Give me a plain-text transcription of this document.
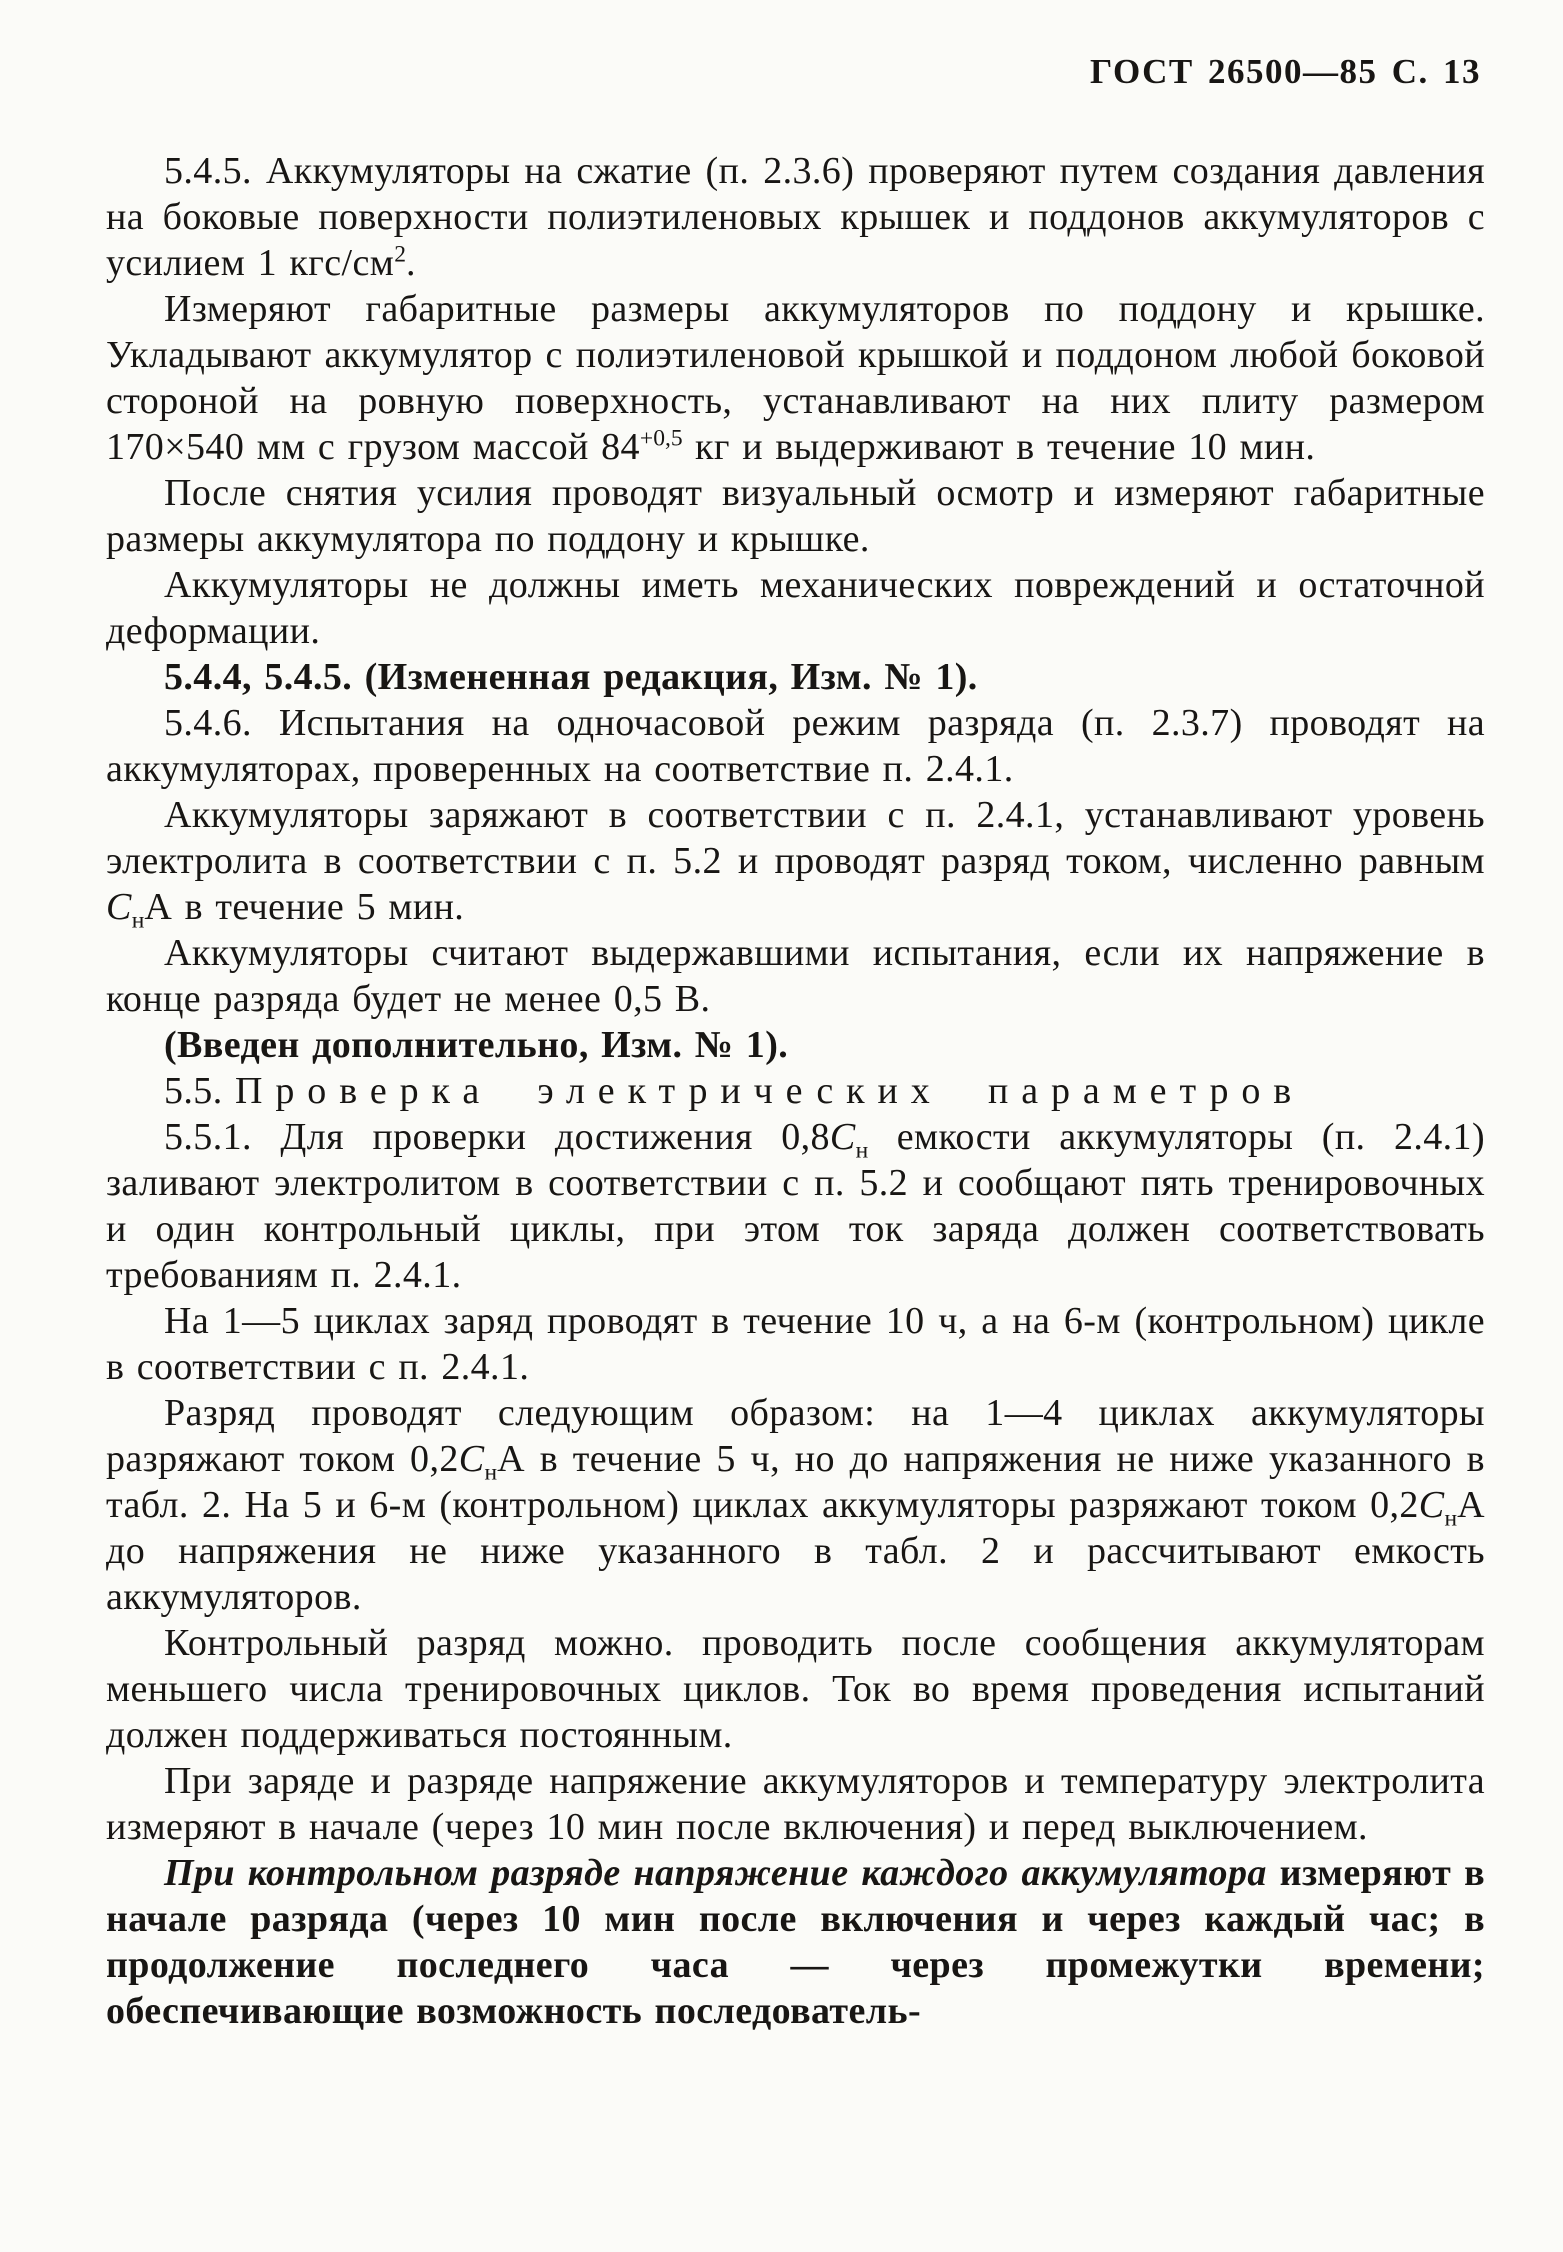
ГОСТ 26500—85 С. 13

5.4.5. Аккумуляторы на сжатие (п. 2.3.6) проверяют путем создания давления на боковые поверхности полиэтиленовых крышек и поддонов аккумуляторов с усилием 1 кгс/$см^2$.

Измеряют габаритные размеры аккумуляторов по поддону и крышке. Укладывают аккумулятор с полиэтиленовой крышкой и поддоном любой боковой стороной на ровную поверхность, устанавливают на них плиту размером 170×540 мм с грузом массой $84^{+0,5}$ кг и выдерживают в течение 10 мин.

После снятия усилия проводят визуальный осмотр и измеряют габаритные размеры аккумулятора по поддону и крышке.

Аккумуляторы не должны иметь механических повреждений и остаточной деформации.

5.4.4, 5.4.5. (Измененная редакция, Изм. № 1).

5.4.6. Испытания на одночасовой режим разряда (п. 2.3.7) проводят на аккумуляторах, проверенных на соответствие п. 2.4.1.

Аккумуляторы заряжают в соответствии с п. 2.4.1, устанавливают уровень электролита в соответствии с п. 5.2 и проводят разряд током, численно равным $С_нА$ в течение 5 мин.

Аккумуляторы считают выдержавшими испытания, если их напряжение в конце разряда будет не менее 0,5 В.

(Введен дополнительно, Изм. № 1).

5.5. Проверка электрических параметров

5.5.1. Для проверки достижения $0,8С_н$ емкости аккумуляторы (п. 2.4.1) заливают электролитом в соответствии с п. 5.2 и сообщают пять тренировочных и один контрольный циклы, при этом ток заряда должен соответствовать требованиям п. 2.4.1.

На 1—5 циклах заряд проводят в течение 10 ч, а на 6-м (контрольном) цикле в соответствии с п. 2.4.1.

Разряд проводят следующим образом: на 1—4 циклах аккумуляторы разряжают током $0,2С_нА$ в течение 5 ч, но до напряжения не ниже указанного в табл. 2. На 5 и 6-м (контрольном) циклах аккумуляторы разряжают током $0,2С_нА$ до напряжения не ниже указанного в табл. 2 и рассчитывают емкость аккумуляторов.

Контрольный разряд можно. проводить после сообщения аккумуляторам меньшего числа тренировочных циклов. Ток во время проведения испытаний должен поддерживаться постоянным.

При заряде и разряде напряжение аккумуляторов и температуру электролита измеряют в начале (через 10 мин после включения) и перед выключением.

При контрольном разряде напряжение каждого аккумулятора измеряют в начале разряда (через 10 мин после включения и через каждый час; в продолжение последнего часа — через промежутки времени; обеспечивающие возможность последователь-
